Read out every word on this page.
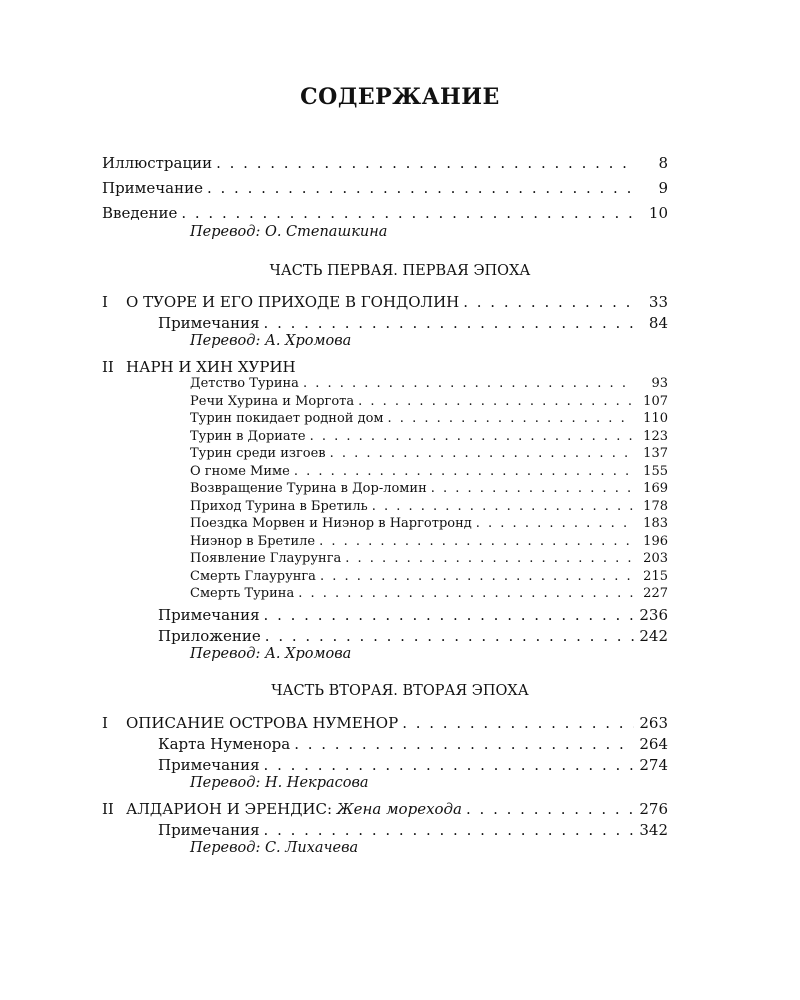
СОДЕРЖАНИЕ
Иллюстрации . . .	8
Примечание . . .	9
Введение . . .	10
Перевод: О. Степашкина
ЧАСТЬ ПЕРВАЯ. ПЕРВАЯ ЭПОХА
I О ТУОРЕ И ЕГО ПРИХОДЕ В ГОНДОЛИН . . .	33
Примечания . . .	84
Перевод: А. Хромова
II НАРН И ХИН ХУРИН
Детство Турина . . .	93
Речи Хурина и Моргота . . .	107
Турин покидает родной дом . . .	110
Турин в Дориате . . .	123
Турин среди изгоев . . .	137
О гноме Миме . . .	155
Возвращение Турина в Дор-ломин . . .	169
Приход Турина в Бретиль . . .	178
Поездка Морвен и Ниэнор в Нарготронд . . .	183
Ниэнор в Бретиле . . .	196
Появление Глаурунга . . .	203
Смерть Глаурунга . . .	215
Смерть Турина . . .	227
Примечания . . .	236
Приложение . . .	242
Перевод: А. Хромова
ЧАСТЬ ВТОРАЯ. ВТОРАЯ ЭПОХА
I ОПИСАНИЕ ОСТРОВА НУМЕНОР . . .	263
Карта Нуменора . . .	264
Примечания . . .	274
Перевод: Н. Некрасова
II АЛДАРИОН И ЭРЕНДИС: Жена морехода . . .	276
Примечания . . .	342
Перевод: С. Лихачева
